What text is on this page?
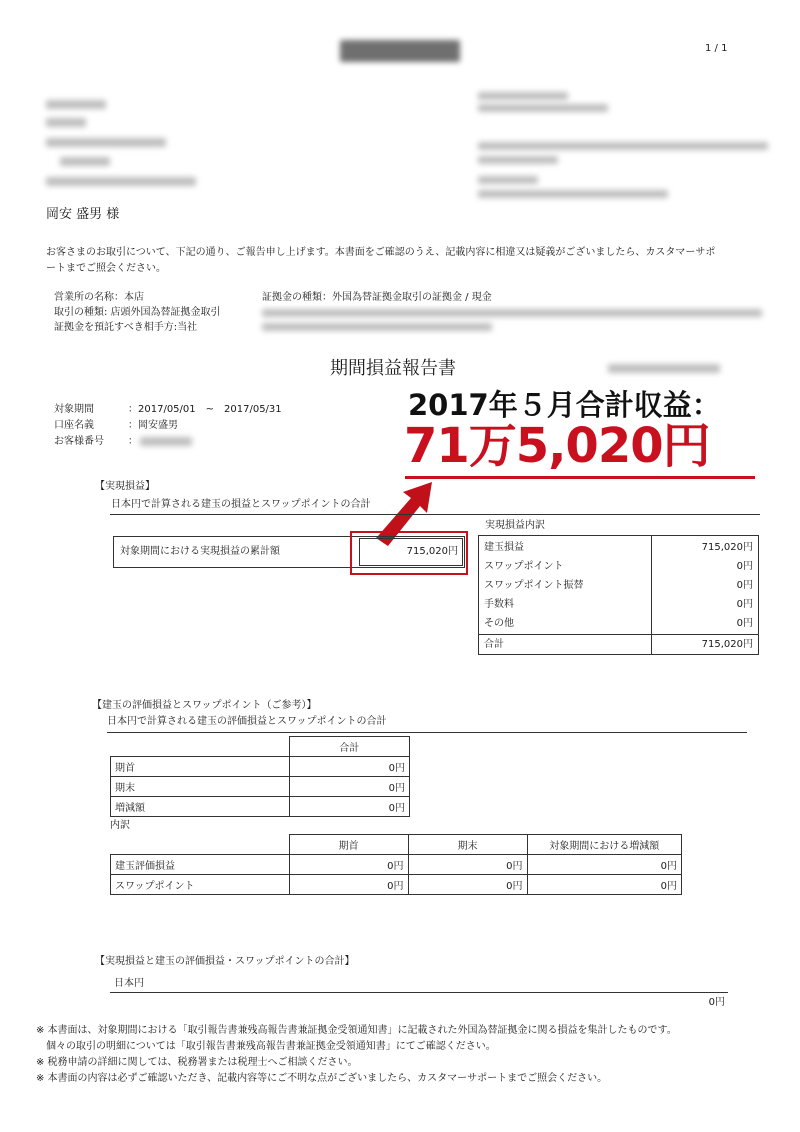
1 / 1
岡安 盛男 様
お客さまのお取引について、下記の通り、ご報告申し上げます。本書面をご確認のうえ、記載内容に相違又は疑義がございましたら、カスタマーサポ
ートまでご照会ください。
営業所の名称：本店
取引の種類: 店頭外国為替証拠金取引
証拠金を預託すべき相手方:当社
証拠金の種類：外国為替証拠金取引の証拠金 / 現金
期間損益報告書
対象期間	：2017/05/01　~　2017/05/31
口座名義	：岡安盛男
お客様番号 ：
2017年５月合計収益：
71万5,020円
【実現損益】
日本円で計算される建玉の損益とスワップポイントの合計
対象期間における実現損益の累計額	715,020円
実現損益内訳
建玉損益	715,020円
スワップポイント	0円
スワップポイント振替	0円
手数料	0円
その他	0円
合計	715,020円
【建玉の評価損益とスワップポイント（ご参考）】
日本円で計算される建玉の評価損益とスワップポイントの合計
	合計
期首	0円
期末	0円
増減額	0円
内訳
	期首	期末	対象期間における増減額
建玉評価損益	0円	0円	0円
スワップポイント	0円	0円	0円
【実現損益と建玉の評価損益・スワップポイントの合計】
日本円
0円
※ 本書面は、対象期間における「取引報告書兼残高報告書兼証拠金受領通知書」に記載された外国為替証拠金に関る損益を集計したものです。
　個々の取引の明細については「取引報告書兼残高報告書兼証拠金受領通知書」にてご確認ください。
※ 税務申請の詳細に関しては、税務署または税理士へご相談ください。
※ 本書面の内容は必ずご確認いただき、記載内容等にご不明な点がございましたら、カスタマーサポートまでご照会ください。
